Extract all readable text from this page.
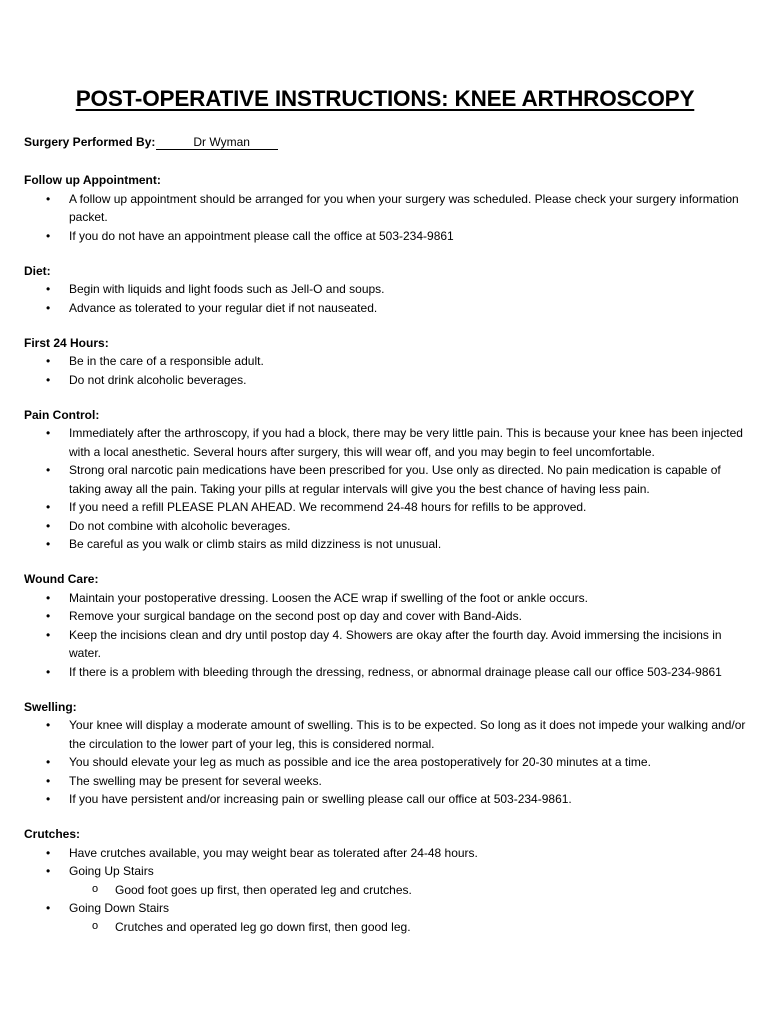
POST-OPERATIVE INSTRUCTIONS: KNEE ARTHROSCOPY
Surgery Performed By:	Dr Wyman
Follow up Appointment:
• A follow up appointment should be arranged for you when your surgery was scheduled. Please check your surgery information packet.
• If you do not have an appointment please call the office at 503-234-9861
Diet:
• Begin with liquids and light foods such as Jell-O and soups.
• Advance as tolerated to your regular diet if not nauseated.
First 24 Hours:
• Be in the care of a responsible adult.
• Do not drink alcoholic beverages.
Pain Control:
• Immediately after the arthroscopy, if you had a block, there may be very little pain. This is because your knee has been injected with a local anesthetic. Several hours after surgery, this will wear off, and you may begin to feel uncomfortable.
• Strong oral narcotic pain medications have been prescribed for you. Use only as directed. No pain medication is capable of taking away all the pain. Taking your pills at regular intervals will give you the best chance of having less pain.
• If you need a refill PLEASE PLAN AHEAD. We recommend 24-48 hours for refills to be approved.
• Do not combine with alcoholic beverages.
• Be careful as you walk or climb stairs as mild dizziness is not unusual.
Wound Care:
• Maintain your postoperative dressing. Loosen the ACE wrap if swelling of the foot or ankle occurs.
• Remove your surgical bandage on the second post op day and cover with Band-Aids.
• Keep the incisions clean and dry until postop day 4. Showers are okay after the fourth day. Avoid immersing the incisions in water.
• If there is a problem with bleeding through the dressing, redness, or abnormal drainage please call our office 503-234-9861
Swelling:
• Your knee will display a moderate amount of swelling. This is to be expected. So long as it does not impede your walking and/or the circulation to the lower part of your leg, this is considered normal.
• You should elevate your leg as much as possible and ice the area postoperatively for 20-30 minutes at a time.
• The swelling may be present for several weeks.
• If you have persistent and/or increasing pain or swelling please call our office at 503-234-9861.
Crutches:
• Have crutches available, you may weight bear as tolerated after 24-48 hours.
• Going Up Stairs
o Good foot goes up first, then operated leg and crutches.
• Going Down Stairs
o Crutches and operated leg go down first, then good leg.
